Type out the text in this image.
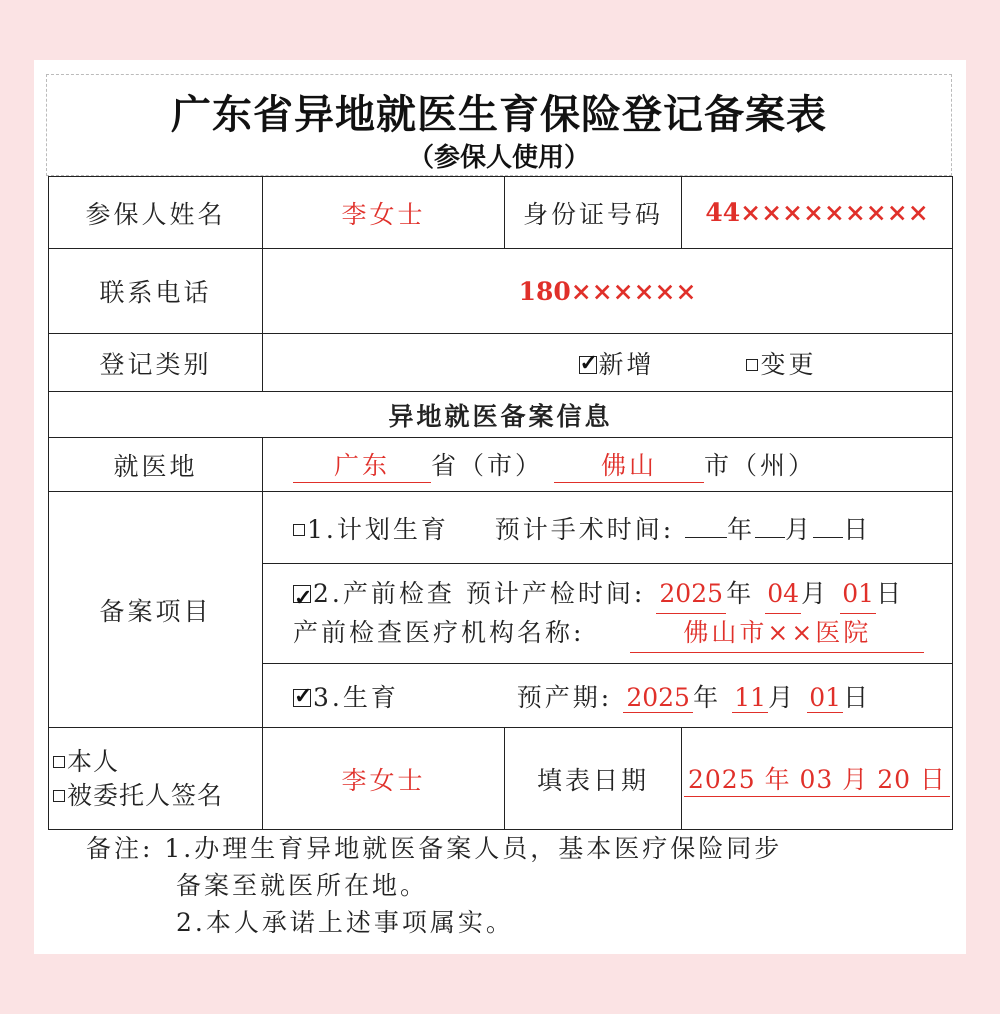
广东省异地就医生育保险登记备案表
（参保人使用）
参保人姓名	李女士	身份证号码	44×××××××××
联系电话	180××××××		
登记类别	✓新增 变更
异地就医备案信息			
就医地	广东 省（市） 佛山 市（州）		
备案项目	1.计划生育 预计手术时间: 年 月 日		

✓2.产前检查 预计产检时间: 2025 年 04月 01日
产前检查医疗机构名称: 佛山市××医院

✓3.生育 预产期: 2025 年 11月 01日

本人
被委托人签名	李女士	填表日期	2025 年 03 月 20 日
备注: 1.办理生育异地就医备案人员，基本医疗保险同步
备案至就医所在地。
2.本人承诺上述事项属实。
